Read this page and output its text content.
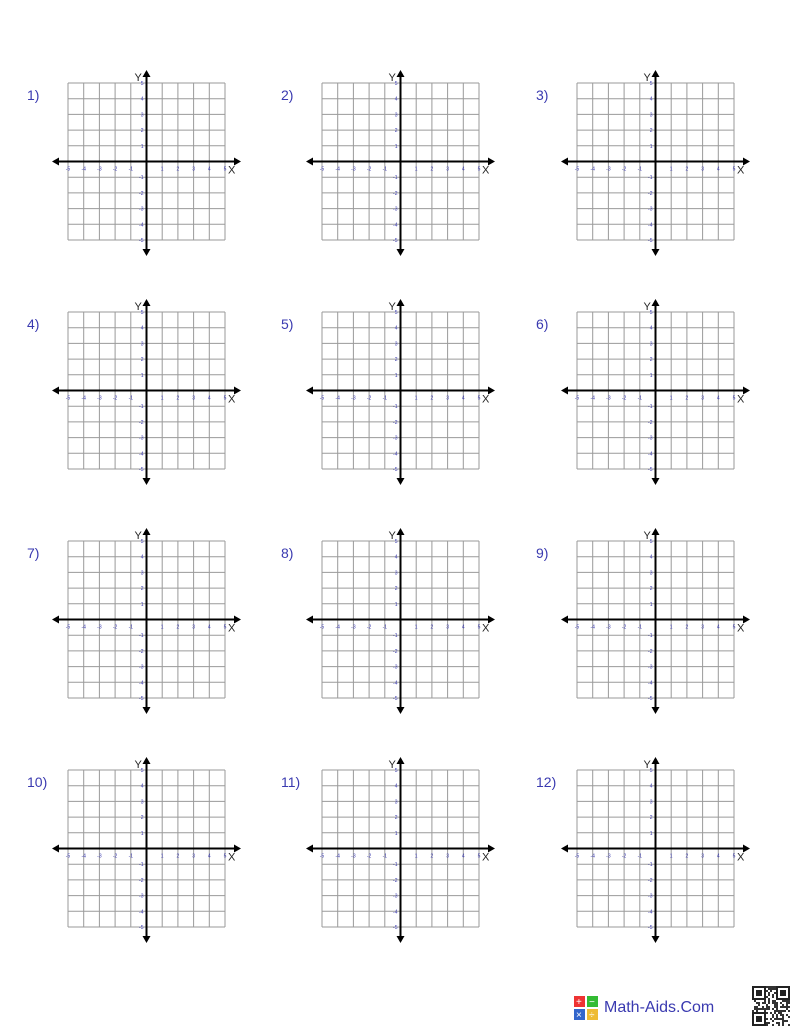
+ −
× ÷ Math-Aids.Com
1)
X
Y
-5 -4 -3 -2 -1	1	2	3	4	5
5
4
3
2
1
-1
-2
-3
-4
-5
2)
X
Y
-5 -4 -3 -2 -1	1	2	3	4	5
5
4
3
2
1
-1
-2
-3
-4
-5
3)
X
Y
-5 -4 -3 -2 -1	1	2	3	4	5
5
4
3
2
1
-1
-2
-3
-4
-5
4)
X
Y
-5 -4 -3 -2 -1	1	2	3	4	5
5
4
3
2
1
-1
-2
-3
-4
-5
5)
X
Y
-5 -4 -3 -2 -1	1	2	3	4	5
5
4
3
2
1
-1
-2
-3
-4
-5
6)
X
Y
-5 -4 -3 -2 -1	1	2	3	4	5
5
4
3
2
1
-1
-2
-3
-4
-5
7)
X
Y
-5 -4 -3 -2 -1	1	2	3	4	5
5
4
3
2
1
-1
-2
-3
-4
-5
8)
X
Y
-5 -4 -3 -2 -1	1	2	3	4	5
5
4
3
2
1
-1
-2
-3
-4
-5
9)
X
Y
-5 -4 -3 -2 -1	1	2	3	4	5
5
4
3
2
1
-1
-2
-3
-4
-5
10)
X
Y
-5 -4 -3 -2 -1	1	2	3	4	5
5
4
3
2
1
-1
-2
-3
-4
-5
11)
X
Y
-5 -4 -3 -2 -1	1	2	3	4	5
5
4
3
2
1
-1
-2
-3
-4
-5
12)
X
Y
-5 -4 -3 -2 -1	1	2	3	4	5
5
4
3
2
1
-1
-2
-3
-4
-5
